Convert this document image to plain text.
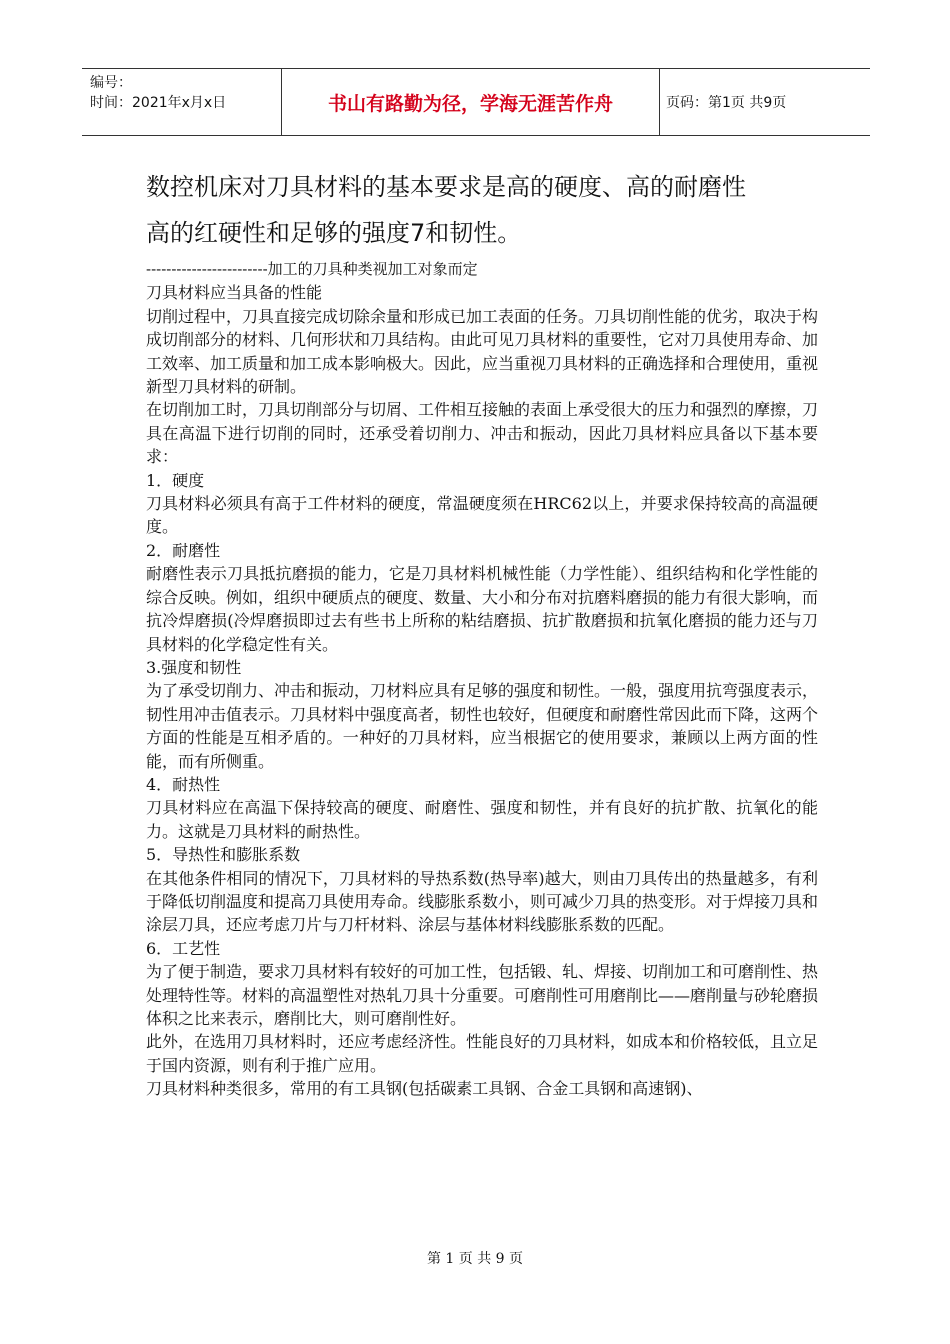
编号：
时间：2021年x月x日	书山有路勤为径，学海无涯苦作舟	页码：第1页 共9页

数控机床对刀具材料的基本要求是高的硬度、高的耐磨性

高的红硬性和足够的强度7和韧性。

------------------------加工的刀具种类视加工对象而定

刀具材料应当具备的性能

切削过程中，刀具直接完成切除余量和形成已加工表面的任务。刀具切削性能的优劣，取决于构成切削部分的材料、几何形状和刀具结构。由此可见刀具材料的重要性，它对刀具使用寿命、加工效率、加工质量和加工成本影响极大。因此，应当重视刀具材料的正确选择和合理使用，重视新型刀具材料的研制。

在切削加工时，刀具切削部分与切屑、工件相互接触的表面上承受很大的压力和强烈的摩擦，刀具在高温下进行切削的同时，还承受着切削力、冲击和振动，因此刀具材料应具备以下基本要求：

1．硬度

刀具材料必须具有高于工件材料的硬度，常温硬度须在HRC62以上，并要求保持较高的高温硬度。

2．耐磨性

耐磨性表示刀具抵抗磨损的能力，它是刀具材料机械性能（力学性能）、组织结构和化学性能的综合反映。例如，组织中硬质点的硬度、数量、大小和分布对抗磨料磨损的能力有很大影响，而抗冷焊磨损(冷焊磨损即过去有些书上所称的粘结磨损、抗扩散磨损和抗氧化磨损的能力还与刀具材料的化学稳定性有关。

3.强度和韧性

为了承受切削力、冲击和振动，刀材料应具有足够的强度和韧性。一般，强度用抗弯强度表示，韧性用冲击值表示。刀具材料中强度高者，韧性也较好，但硬度和耐磨性常因此而下降，这两个方面的性能是互相矛盾的。一种好的刀具材料，应当根据它的使用要求，兼顾以上两方面的性能，而有所侧重。

4．耐热性

刀具材料应在高温下保持较高的硬度、耐磨性、强度和韧性，并有良好的抗扩散、抗氧化的能力。这就是刀具材料的耐热性。

5．导热性和膨胀系数

在其他条件相同的情况下，刀具材料的导热系数(热导率)越大，则由刀具传出的热量越多，有利于降低切削温度和提高刀具使用寿命。线膨胀系数小，则可减少刀具的热变形。对于焊接刀具和涂层刀具，还应考虑刀片与刀杆材料、涂层与基体材料线膨胀系数的匹配。

6．工艺性

为了便于制造，要求刀具材料有较好的可加工性，包括锻、轧、焊接、切削加工和可磨削性、热处理特性等。材料的高温塑性对热轧刀具十分重要。可磨削性可用磨削比——磨削量与砂轮磨损体积之比来表示，磨削比大，则可磨削性好。

此外，在选用刀具材料时，还应考虑经济性。性能良好的刀具材料，如成本和价格较低，且立足于国内资源，则有利于推广应用。

刀具材料种类很多，常用的有工具钢(包括碳素工具钢、合金工具钢和高速钢)、

第 1 页 共 9 页
